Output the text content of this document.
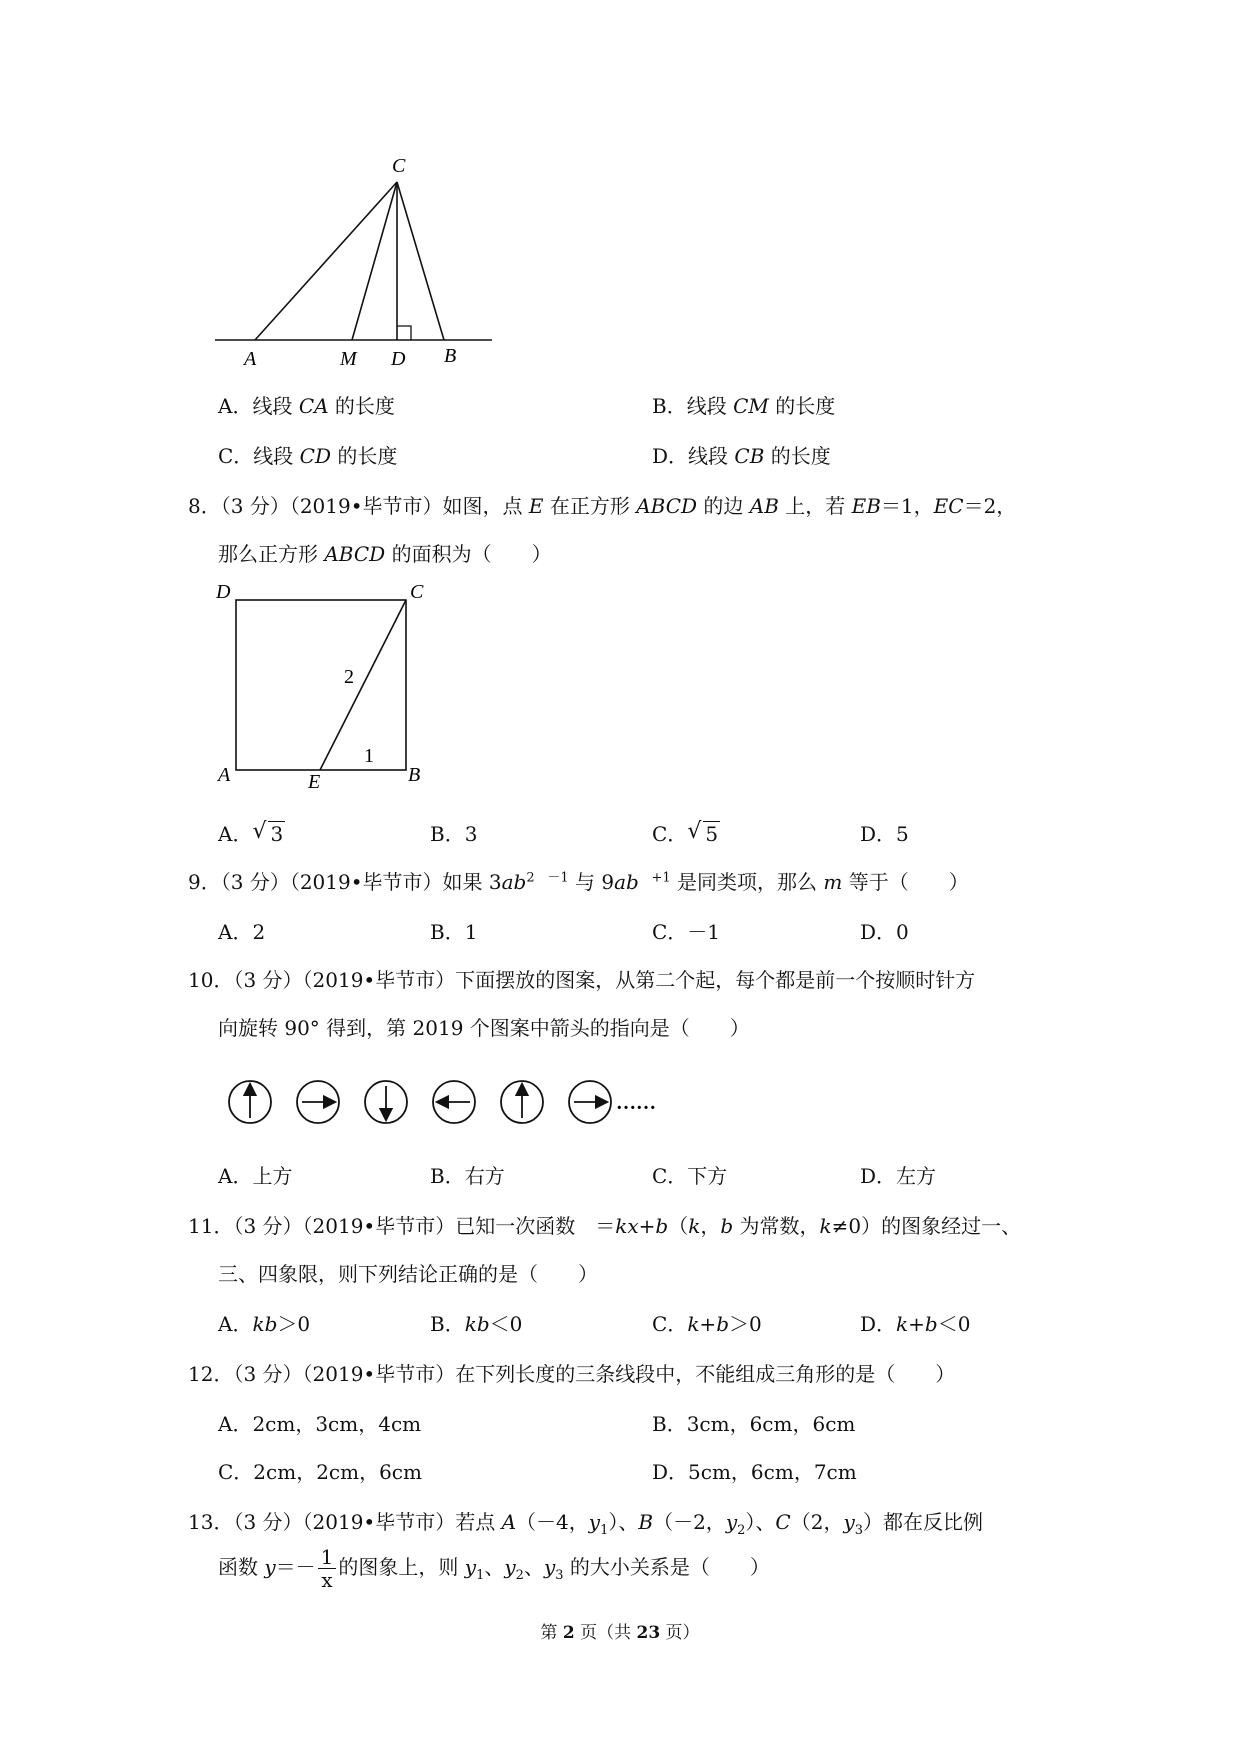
C
A	M D B
A．线段 CA 的长度	B．线段 CM 的长度
C．线段 CD 的长度	D．线段 CB 的长度
8．（3 分）（2019•毕节市）如图，点 E 在正方形 ABCD 的边 AB 上，若 EB＝1，EC＝2，
那么正方形 ABCD 的面积为（　　）
D	C
A	E	B
2
1
A． √ 3	B．3	C． √ 5	D．5
9．（3 分）（2019•毕节市）如果 $3ab^2$ $^{-1}$ 与 9ab $^{+1}$ 是同类项，那么 m 等于（　　）
A．2	B．1	C．－1	D．0
10．（3 分）（2019•毕节市）下面摆放的图案，从第二个起，每个都是前一个按顺时针方
向旋转 90° 得到，第 2019 个图案中箭头的指向是（　　）
……
A．上方	B．右方	C．下方	D．左方
11．（3 分）（2019•毕节市）已知一次函数　＝kx+b（k，b 为常数，k≠0）的图象经过一、
三、四象限，则下列结论正确的是（　　）
A．kb＞0	B．kb＜0	C．k+b＞0	D．k+b＜0
12．（3 分）（2019•毕节市）在下列长度的三条线段中，不能组成三角形的是（　　）
A．2cm，3cm，4cm	B．3cm，6cm，6cm
C．2cm，2cm，6cm	D．5cm，6cm，7cm
13．（3 分）（2019•毕节市）若点 A（－4，$y_1$）、B（－2，$y_2$）、C（2，$y_3$）都在反比例
函数 $y=- \frac{1}{x}$ 的图象上，则 $y_1$、$y_2$、$y_3$ 的大小关系是（　　）
第 2 页（共 23 页）
